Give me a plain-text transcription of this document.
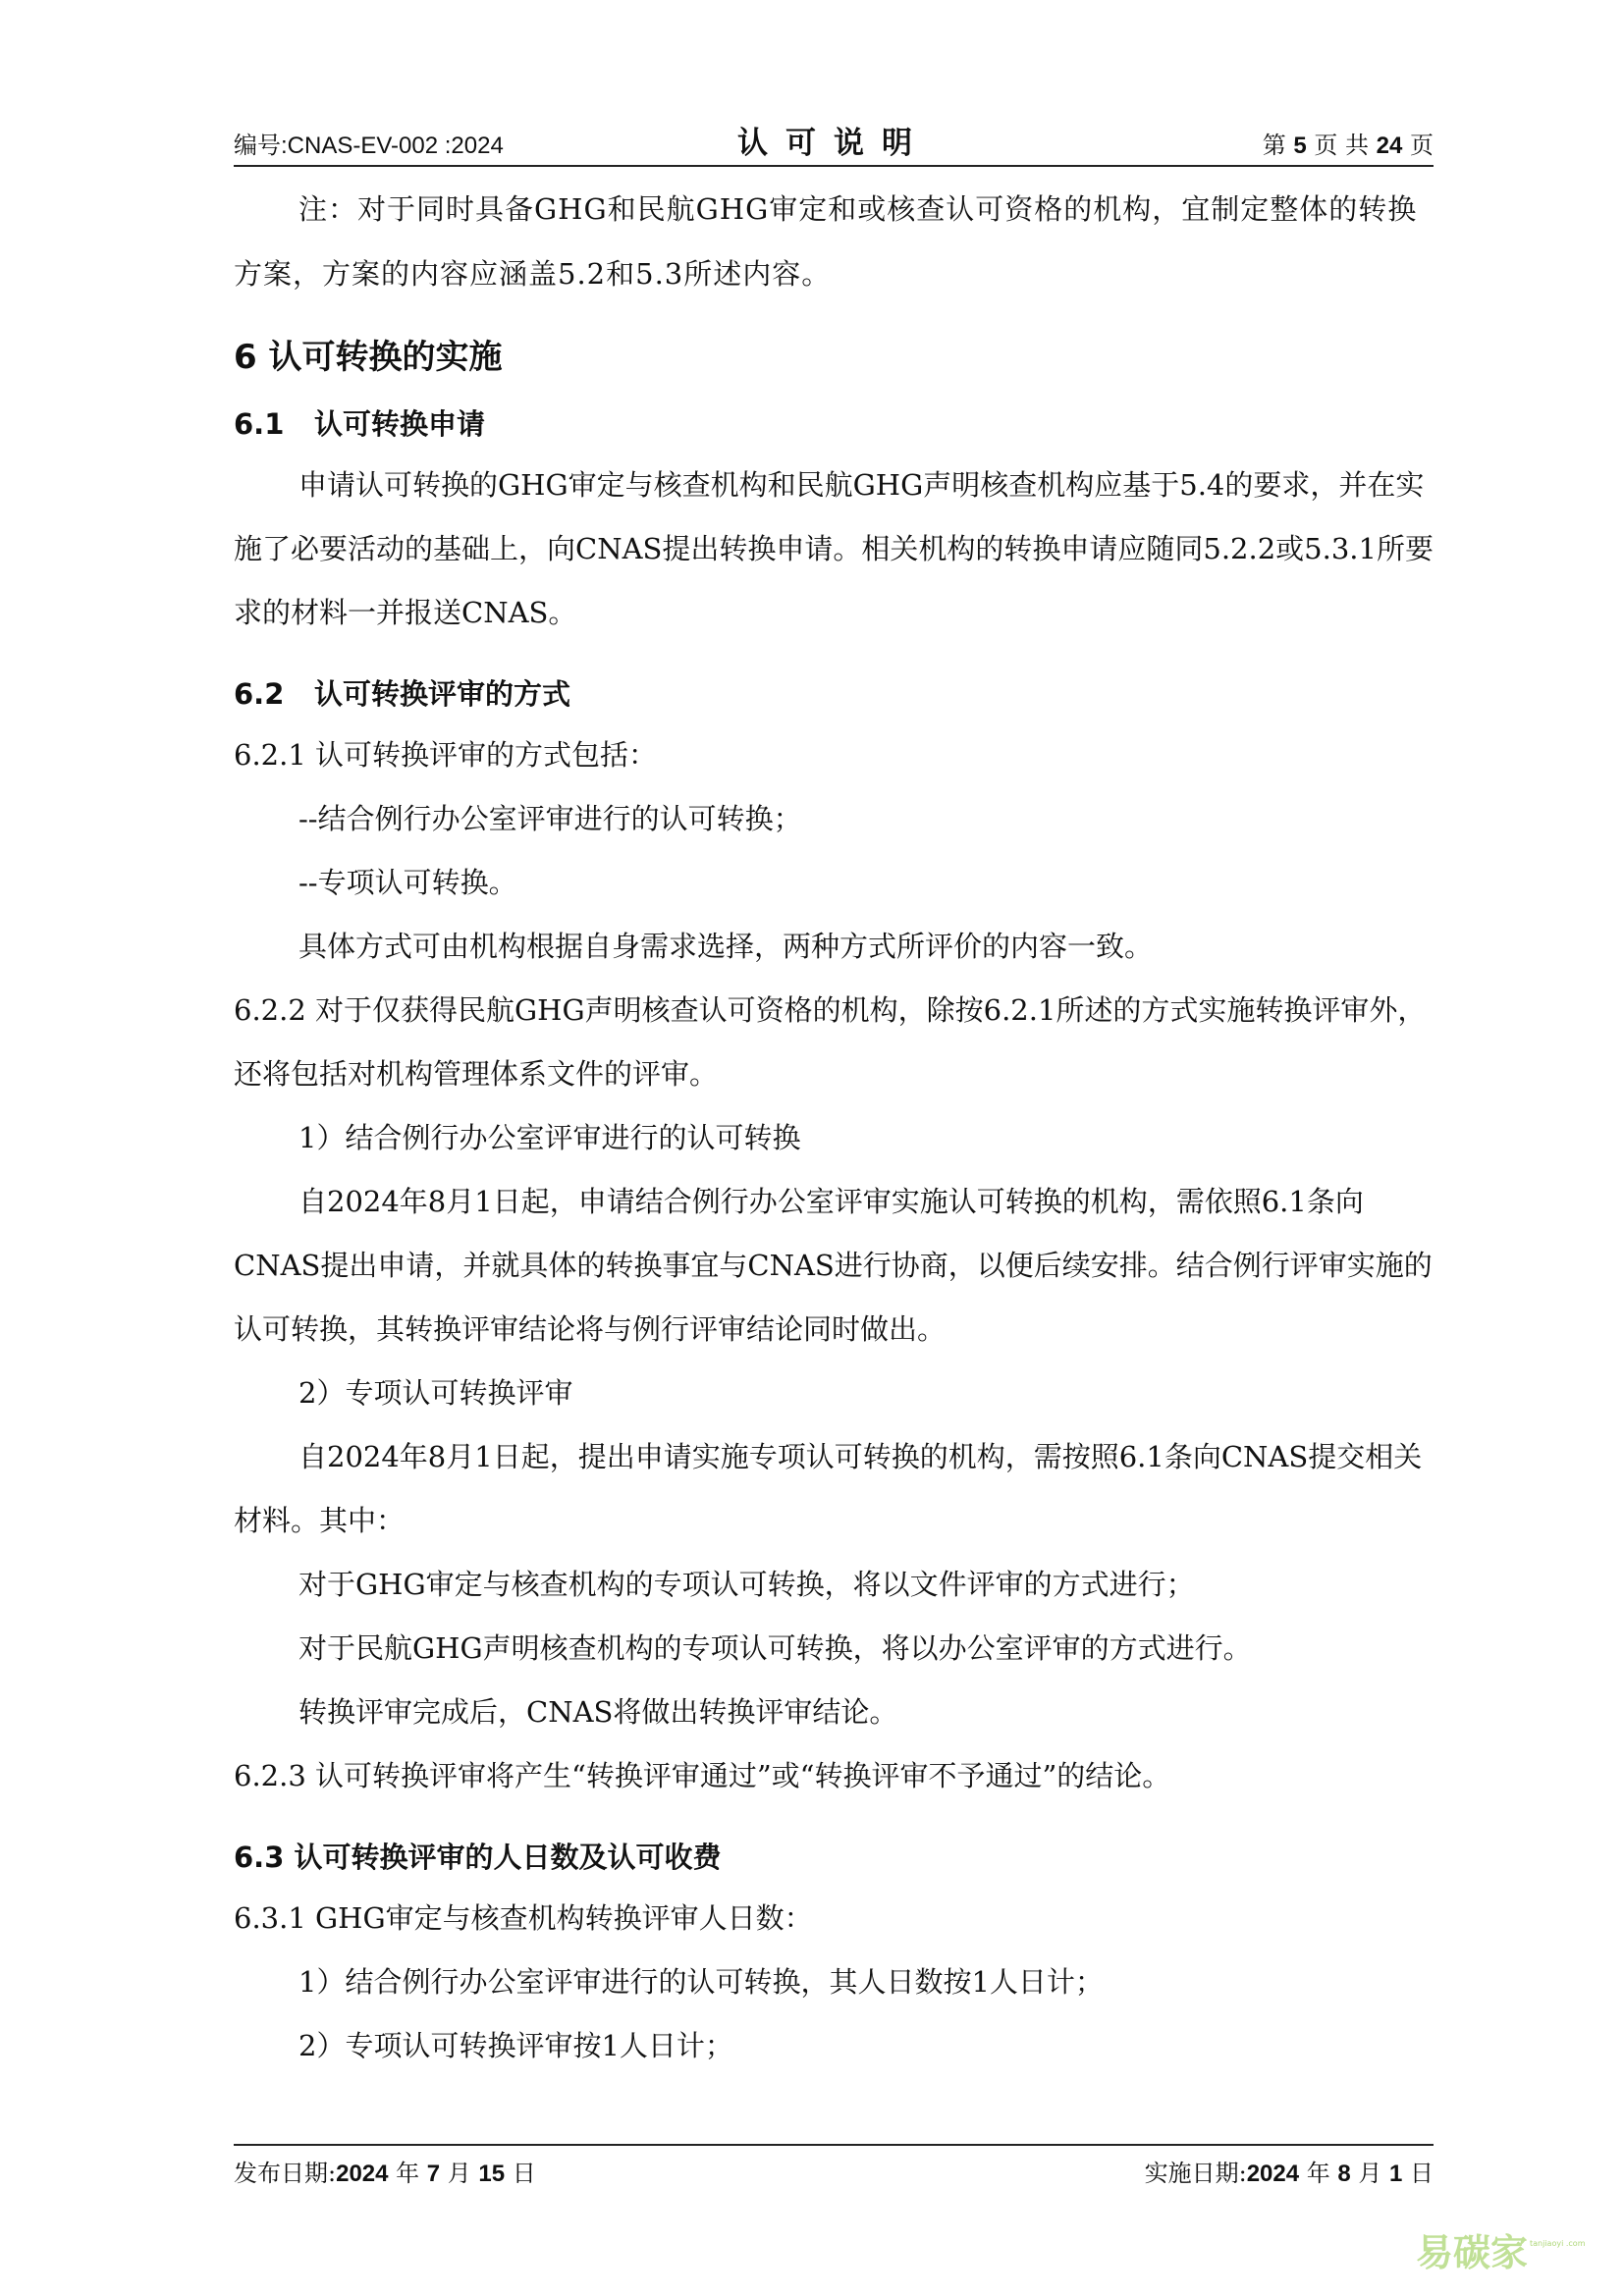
编号:CNAS-EV-002 :2024	认可说明	第 5 页 共 24 页

注：对于同时具备GHG和民航GHG审定和或核查认可资格的机构，宜制定整体的转换方案，方案的内容应涵盖5.2和5.3所述内容。

6 认可转换的实施
6.1 认可转换申请

申请认可转换的GHG审定与核查机构和民航GHG声明核查机构应基于5.4的要求，并在实施了必要活动的基础上，向CNAS提出转换申请。相关机构的转换申请应随同5.2.2或5.3.1所要求的材料一并报送CNAS。

6.2 认可转换评审的方式

6.2.1 认可转换评审的方式包括：

--结合例行办公室评审进行的认可转换；

--专项认可转换。

具体方式可由机构根据自身需求选择，两种方式所评价的内容一致。

6.2.2 对于仅获得民航GHG声明核查认可资格的机构，除按6.2.1所述的方式实施转换评审外，还将包括对机构管理体系文件的评审。

1）结合例行办公室评审进行的认可转换

自2024年8月1日起，申请结合例行办公室评审实施认可转换的机构，需依照6.1条向CNAS提出申请，并就具体的转换事宜与CNAS进行协商，以便后续安排。结合例行评审实施的认可转换，其转换评审结论将与例行评审结论同时做出。

2）专项认可转换评审

自2024年8月1日起，提出申请实施专项认可转换的机构，需按照6.1条向CNAS提交相关材料。其中：

对于GHG审定与核查机构的专项认可转换，将以文件评审的方式进行；

对于民航GHG声明核查机构的专项认可转换，将以办公室评审的方式进行。

转换评审完成后，CNAS将做出转换评审结论。

6.2.3 认可转换评审将产生“转换评审通过”或“转换评审不予通过”的结论。

6.3 认可转换评审的人日数及认可收费

6.3.1 GHG审定与核查机构转换评审人日数：

1）结合例行办公室评审进行的认可转换，其人日数按1人日计；

2）专项认可转换评审按1人日计；

发布日期:2024 年 7 月 15 日	实施日期:2024 年 8 月 1 日
易碳家 tanjiaoyi .com
